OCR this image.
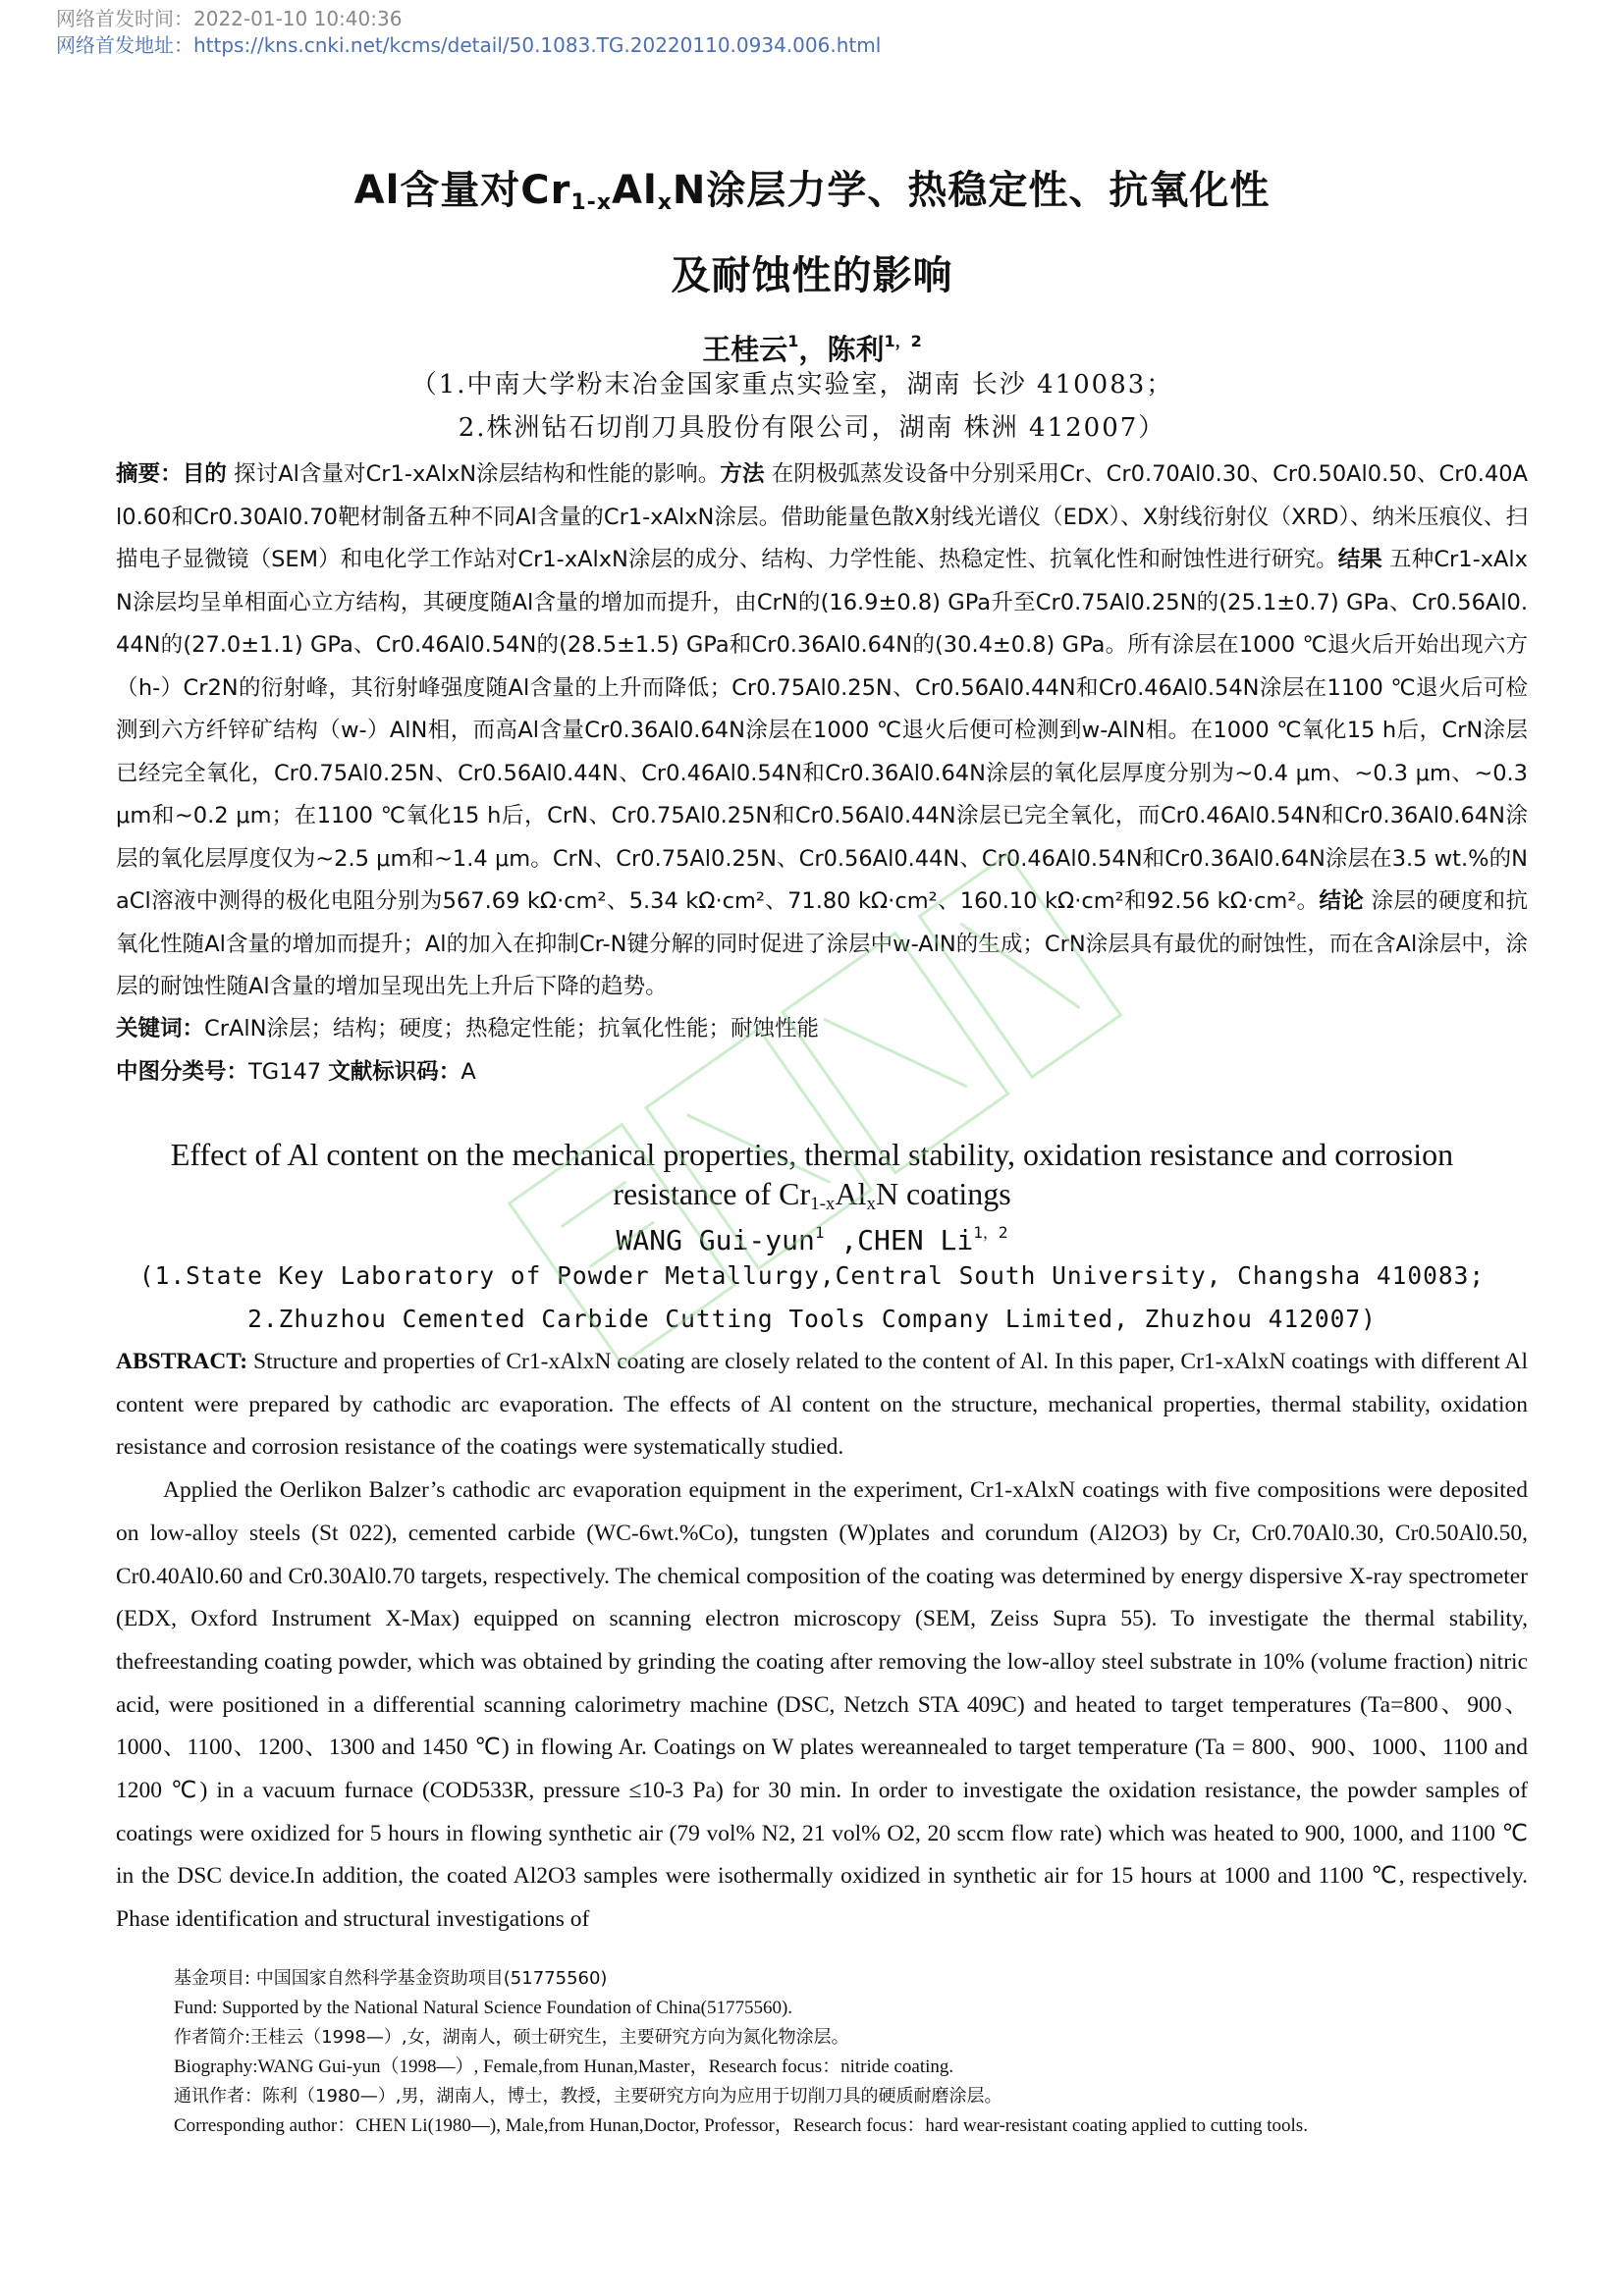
网络首发时间：2022-01-10 10:40:36
网络首发地址：https://kns.cnki.net/kcms/detail/50.1083.TG.20220110.0934.006.html
Al含量对$Cr_{1-x}Al_xN$涂层力学、热稳定性、抗氧化性
及耐蚀性的影响
王桂云$^1$，陈利$^{1,2}$
（1.中南大学粉末冶金国家重点实验室，湖南 长沙 410083；
2.株洲钻石切削刀具股份有限公司，湖南 株洲 412007）
摘要：目的 探讨Al含量对Cr1-xAlxN涂层结构和性能的影响。方法 在阴极弧蒸发设备中分别采用Cr、Cr0.70Al0.30、Cr0.50Al0.50、Cr0.40Al0.60和Cr0.30Al0.70靶材制备五种不同Al含量的Cr1-xAlxN涂层。借助能量色散X射线光谱仪（EDX）、X射线衍射仪（XRD）、纳米压痕仪、扫描电子显微镜（SEM）和电化学工作站对Cr1-xAlxN涂层的成分、结构、力学性能、热稳定性、抗氧化性和耐蚀性进行研究。结果 五种Cr1-xAlxN涂层均呈单相面心立方结构，其硬度随Al含量的增加而提升，由CrN的(16.9±0.8) GPa升至Cr0.75Al0.25N的(25.1±0.7) GPa、Cr0.56Al0.44N的(27.0±1.1) GPa、Cr0.46Al0.54N的(28.5±1.5) GPa和Cr0.36Al0.64N的(30.4±0.8) GPa。所有涂层在1000 ℃退火后开始出现六方（h-）Cr2N的衍射峰，其衍射峰强度随Al含量的上升而降低；Cr0.75Al0.25N、Cr0.56Al0.44N和Cr0.46Al0.54N涂层在1100 ℃退火后可检测到六方纤锌矿结构（w-）AlN相，而高Al含量Cr0.36Al0.64N涂层在1000 ℃退火后便可检测到w-AlN相。在1000 ℃氧化15 h后，CrN涂层已经完全氧化，Cr0.75Al0.25N、Cr0.56Al0.44N、Cr0.46Al0.54N和Cr0.36Al0.64N涂层的氧化层厚度分别为~0.4 μm、~0.3 μm、~0.3 μm和~0.2 μm；在1100 ℃氧化15 h后，CrN、Cr0.75Al0.25N和Cr0.56Al0.44N涂层已完全氧化，而Cr0.46Al0.54N和Cr0.36Al0.64N涂层的氧化层厚度仅为~2.5 μm和~1.4 μm。CrN、Cr0.75Al0.25N、Cr0.56Al0.44N、Cr0.46Al0.54N和Cr0.36Al0.64N涂层在3.5 wt.%的NaCl溶液中测得的极化电阻分别为567.69 kΩ·cm²、5.34 kΩ·cm²、71.80 kΩ·cm²、160.10 kΩ·cm²和92.56 kΩ·cm²。结论 涂层的硬度和抗氧化性随Al含量的增加而提升；Al的加入在抑制Cr-N键分解的同时促进了涂层中w-AlN的生成；CrN涂层具有最优的耐蚀性，而在含Al涂层中，涂层的耐蚀性随Al含量的增加呈现出先上升后下降的趋势。
关键词：CrAlN涂层；结构；硬度；热稳定性能；抗氧化性能；耐蚀性能
中图分类号：TG147 文献标识码：A
Effect of Al content on the mechanical properties, thermal stability, oxidation resistance and corrosion
resistance of $Cr_{1-x}Al_xN$ coatings
WANG Gui-yun$^1$ ,CHEN $Li^{1,2}$
(1.State Key Laboratory of Powder Metallurgy,Central South University, Changsha 410083;
2.Zhuzhou Cemented Carbide Cutting Tools Company Limited, Zhuzhou 412007)

ABSTRACT: Structure and properties of Cr1-xAlxN coating are closely related to the content of Al. In this paper, Cr1-xAlxN coatings with different Al content were prepared by cathodic arc evaporation. The effects of Al content on the structure, mechanical properties, thermal stability, oxidation resistance and corrosion resistance of the coatings were systematically studied.

Applied the Oerlikon Balzer’s cathodic arc evaporation equipment in the experiment, Cr1-xAlxN coatings with five compositions were deposited on low-alloy steels (St 022), cemented carbide (WC-6wt.%Co), tungsten (W)plates and corundum (Al2O3) by Cr, Cr0.70Al0.30, Cr0.50Al0.50, Cr0.40Al0.60 and Cr0.30Al0.70 targets, respectively. The chemical composition of the coating was determined by energy dispersive X-ray spectrometer (EDX, Oxford Instrument X-Max) equipped on scanning electron microscopy (SEM, Zeiss Supra 55). To investigate the thermal stability, thefreestanding coating powder, which was obtained by grinding the coating after removing the low-alloy steel substrate in 10% (volume fraction) nitric acid, were positioned in a differential scanning calorimetry machine (DSC, Netzch STA 409C) and heated to target temperatures (Ta=800、900、1000、1100、1200、1300 and 1450 ℃) in flowing Ar. Coatings on W plates wereannealed to target temperature (Ta = 800、900、1000、1100 and 1200 ℃) in a vacuum furnace (COD533R, pressure ≤10-3 Pa) for 30 min. In order to investigate the oxidation resistance, the powder samples of coatings were oxidized for 5 hours in flowing synthetic air (79 vol% N2, 21 vol% O2, 20 sccm flow rate) which was heated to 900, 1000, and 1100 ℃ in the DSC device.In addition, the coated Al2O3 samples were isothermally oxidized in synthetic air for 15 hours at 1000 and 1100 ℃, respectively. Phase identification and structural investigations of

基金项目: 中国国家自然科学基金资助项目(51775560)
Fund: Supported by the National Natural Science Foundation of China(51775560).
作者简介:王桂云（1998—）,女，湖南人，硕士研究生，主要研究方向为氮化物涂层。
Biography:WANG Gui-yun（1998—）, Female,from Hunan,Master，Research focus：nitride coating.
通讯作者：陈利（1980—）,男，湖南人，博士，教授，主要研究方向为应用于切削刀具的硬质耐磨涂层。
Corresponding author：CHEN Li(1980—), Male,from Hunan,Doctor, Professor，Research focus：hard wear-resistant coating applied to cutting tools.
